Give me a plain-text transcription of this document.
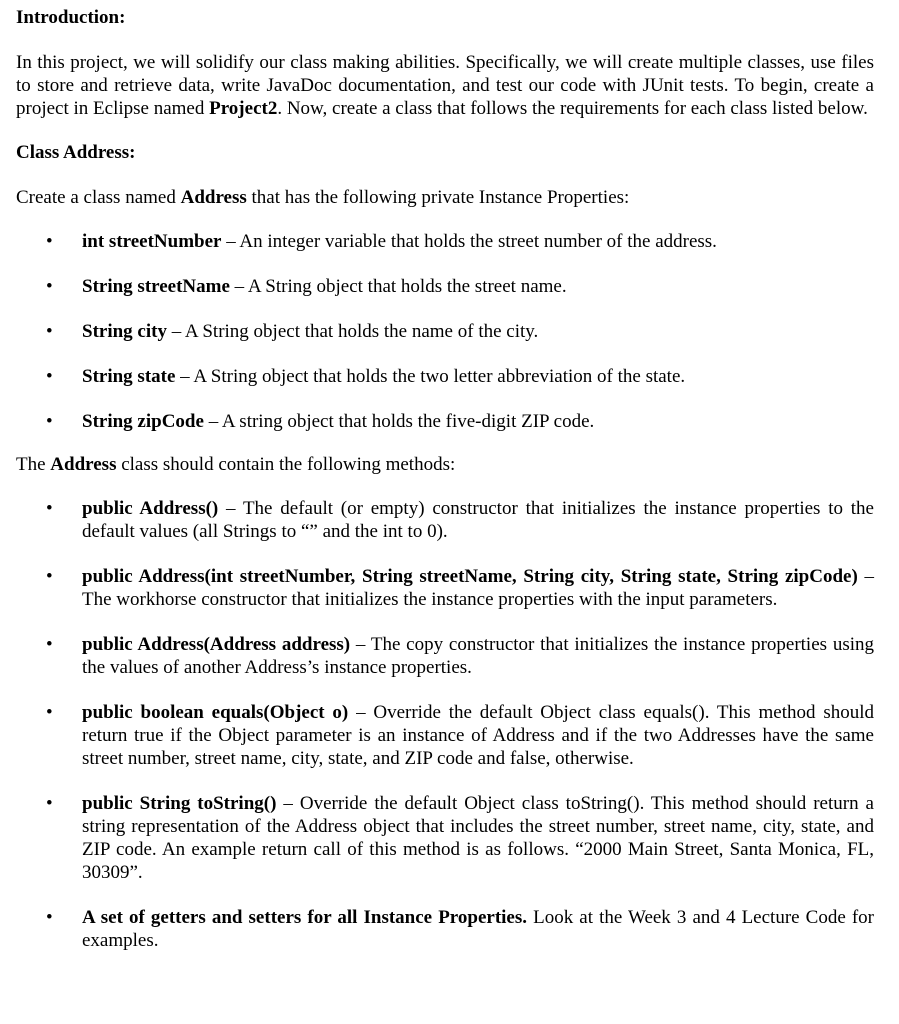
Introduction:

In this project, we will solidify our class making abilities. Specifically, we will create multiple classes, use files to store and retrieve data, write JavaDoc documentation, and test our code with JUnit tests. To begin, create a project in Eclipse named Project2. Now, create a class that follows the requirements for each class listed below.

Class Address:

Create a class named Address that has the following private Instance Properties:

• int streetNumber – An integer variable that holds the street number of the address.
• String streetName – A String object that holds the street name.
• String city – A String object that holds the name of the city.
• String state – A String object that holds the two letter abbreviation of the state.
• String zipCode – A string object that holds the five-digit ZIP code.

The Address class should contain the following methods:

• public Address() – The default (or empty) constructor that initializes the instance properties to the default values (all Strings to “” and the int to 0).
• public Address(int streetNumber, String streetName, String city, String state, String zipCode) – The workhorse constructor that initializes the instance properties with the input parameters.
• public Address(Address address) – The copy constructor that initializes the instance properties using the values of another Address’s instance properties.
• public boolean equals(Object o) – Override the default Object class equals(). This method should return true if the Object parameter is an instance of Address and if the two Addresses have the same street number, street name, city, state, and ZIP code and false, otherwise.
• public String toString() – Override the default Object class toString(). This method should return a string representation of the Address object that includes the street number, street name, city, state, and ZIP code. An example return call of this method is as follows. “2000 Main Street, Santa Monica, FL, 30309”.
• A set of getters and setters for all Instance Properties. Look at the Week 3 and 4 Lecture Code for examples.
